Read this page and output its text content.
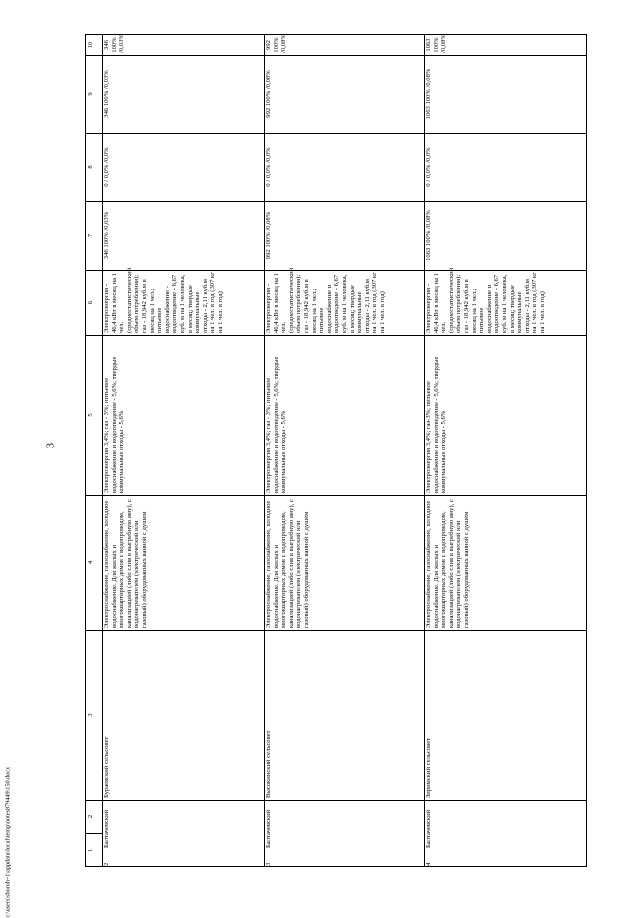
3
c:\users\sboroh~1\appdata\local\temp\notes879449\150.docx	1
2
3
4
5
6
7
8
9
10
2
Балтачевский
Бураевский сельсовет
Электроснабжение, газоснабжение, холодное водоснабжение. Для жилых и многоквартирных домов с водопроводом, канализацией (либо слив в выгребную яму), с водонагревателем (электрический или газовый) оборудованных ванной с душем
Электроэнергия 3,4%; газ - 3%; питьевое водоснабжение и водоотведение - 5,6%; твердые коммунальные отходы - 5,6%
Электроэнергия - 46,4 кВт в месяц на 1 чел. (среднестатистический объем потребления); газ - 18,942 куб.м в месяц на 1 чел.; питьевое водоснабжение - водоотведение - 6,67 куб. м на 1 человека, в месяц; твердые коммунальные отходы - 2,11 куб.м на 1 чел. в год (307 кг на 1 чел. в год)
346 100% /0,03%
0 / 0,0% /0,0%
346 100% /0,03%
346 100% /0,03%
3
Балтачевский
Высокинский сельсовет
Электроснабжение, газоснабжение, холодное водоснабжение. Для жилых и многоквартирных домов с водопроводом, канализацией (либо слив в выгребную яму), с водонагревателем (электрический или газовый) оборудованных ванной с душем
Электроэнергия 3,4%; газ - 3%; питьевое водоснабжение и водоотведение - 5,6%; твердые коммунальные отходы - 5,6%
Электроэнергия - 46,4 кВт в месяц на 1 чел. (среднестатистический объем потребления); газ - 18,942 куб.м в месяц на 1 чел.; питьевое водоснабжение и водоотведение - 6,67 куб. м на 1 человека, в месяц; твердые коммунальные отходы - 2,11 куб.м на 1 чел. в год (307 кг на 1 чел. в год)
992 100% /0,08%
0 / 0,0% /0,0%
992 100% /0,08%
992 100% /0,08%
4
Балтачевский
Зиримский сельсовет
Электроснабжение, газоснабжение, холодное водоснабжение. Для жилых и многоквартирных домов с водопроводом, канализацией (либо слив в выгребную яму), с водонагревателем (электрический или газовый) оборудованных ванной с душем
Электроэнергия 3,4%; газ-3%; питьевое водоснабжение и водоотведение - 5,6%; твердые коммунальные отходы - 5,6%
Электроэнергия - 46,4 кВт в месяц на 1 чел. (среднестатистический объем потребления); газ - 18,942 куб.м в месяц на 1 чел.; питьевое водоснабжение и водоотведение - 6,67 куб. м на 1 человека, в месяц; твердые коммунальные отходы - 2,11 куб.м на 1 чел. в год (307 кг на 1 чел. в год)
1063 100% /0,08%
0 / 0,0% /0,0%
1063 100% /0,08%
1063 100% /0,08%
